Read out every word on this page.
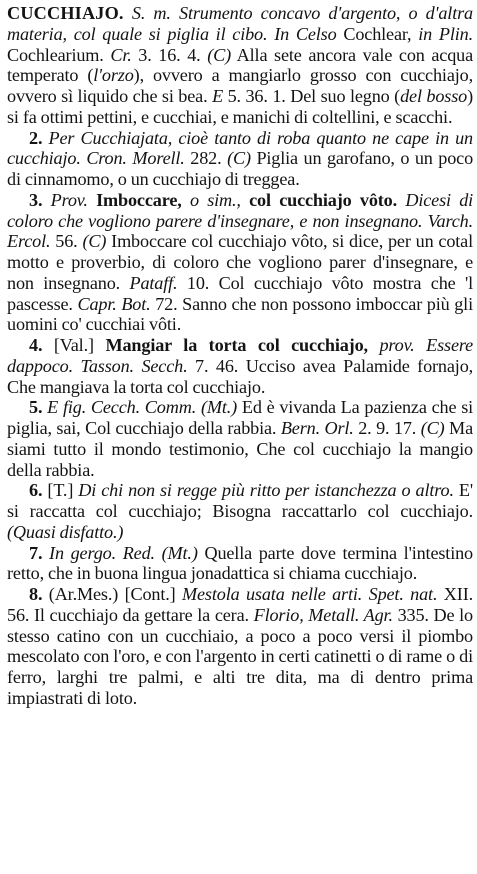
CUCCHIAJO. S. m. Strumento concavo d'argento, o d'altra materia, col quale si piglia il cibo. In Celso Cochlear, in Plin. Cochlearium. Cr. 3. 16. 4. (C) Alla sete ancora vale con acqua temperato (l'orzo), ovvero a mangiarlo grosso con cucchiajo, ovvero sì liquido che si bea. E 5. 36. 1. Del suo legno (del bosso) si fa ottimi pettini, e cucchiai, e manichi di coltellini, e scacchi.

2. Per Cucchiajata, cioè tanto di roba quanto ne cape in un cucchiajo. Cron. Morell. 282. (C) Piglia un garofano, o un poco di cinnamomo, o un cucchiajo di treggea.

3. Prov. Imboccare, o sim., col cucchiajo vôto. Dicesi di coloro che vogliono parere d'insegnare, e non insegnano. Varch. Ercol. 56. (C) Imboccare col cucchiajo vôto, si dice, per un cotal motto e proverbio, di coloro che vogliono parer d'insegnare, e non insegnano. Pataff. 10. Col cucchiajo vôto mostra che 'l pascesse. Capr. Bot. 72. Sanno che non possono imboccar più gli uomini co' cucchiai vôti.

4. [Val.] Mangiar la torta col cucchiajo, prov. Essere dappoco. Tasson. Secch. 7. 46. Ucciso avea Palamide fornajo, Che mangiava la torta col cucchiajo.

5. E fig. Cecch. Comm. (Mt.) Ed è vivanda La pazienza che si piglia, sai, Col cucchiajo della rabbia. Bern. Orl. 2. 9. 17. (C) Ma siami tutto il mondo testimonio, Che col cucchiajo la mangio della rabbia.

6. [T.] Di chi non si regge più ritto per istanchezza o altro. E' si raccatta col cucchiajo; Bisogna raccattarlo col cucchiajo. (Quasi disfatto.)

7. In gergo. Red. (Mt.) Quella parte dove termina l'intestino retto, che in buona lingua jonadattica si chiama cucchiajo.

8. (Ar.Mes.) [Cont.] Mestola usata nelle arti. Spet. nat. XII. 56. Il cucchiajo da gettare la cera. Florio, Metall. Agr. 335. De lo stesso catino con un cucchiaio, a poco a poco versi il piombo mescolato con l'oro, e con l'argento in certi catinetti o di rame o di ferro, larghi tre palmi, e alti tre dita, ma di dentro prima impiastrati di loto.
